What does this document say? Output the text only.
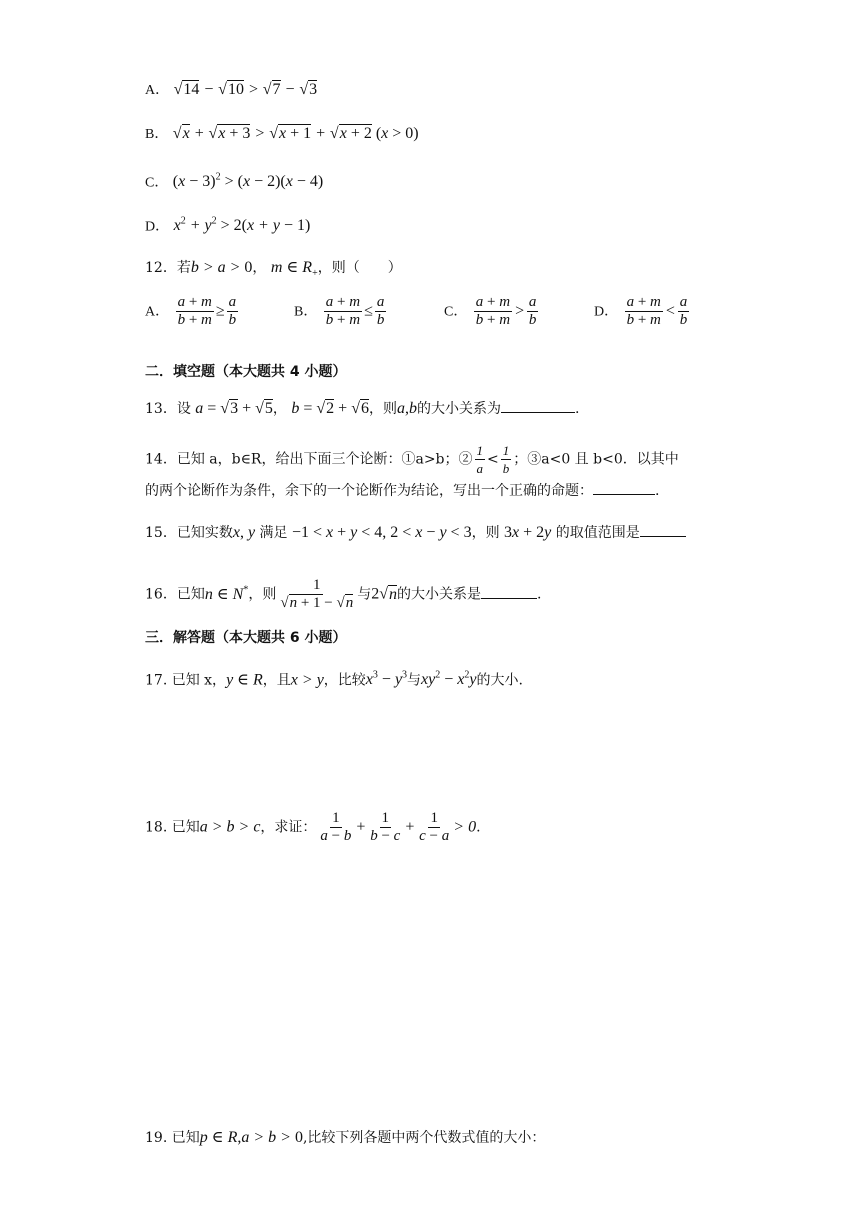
A． √14 − √10 > √7 − √3
B． √x + √x + 3 > √x + 1 + √x + 2 (x > 0)
C． $(x - 3)^2 > (x - 2)(x - 4)$
D． $x^2 + y^2 > 2(x + y - 1)$
12．若b > a > 0， m ∈ $R_+$，则（　　）
A． $\frac{a + m}{b + m} \ge \frac{a}{b}$	B． $\frac{a + m}{b + m} \le \frac{a}{b}$	C． $\frac{a + m}{b + m} > \frac{a}{b}$	D． $\frac{a + m}{b + m} < \frac{a}{b}$
二．填空题（本大题共 4 小题）
13．设 a = √3 + √5， b = √2 + √6，则a,b的大小关系为	.
14．已知 a，b∈R，给出下面三个论断：①a>b；② $\frac{1}{a} < \frac{1}{b}$ ；③a<0 且 b<0．以其中
的两个论断作为条件，余下的一个论断作为结论，写出一个正确的命题：	.
15．已知实数x, y 满足 −1 < x + y < 4, 2 < x − y < 3，则 3x + 2y 的取值范围是
16．已知n ∈ N*，则 $\frac{1}{√n + 1 - √n}$ 与2√n的大小关系是	.
三．解答题（本大题共 6 小题）
17. 已知 x，y ∈ R，且x > y，比较$x^3 - y^3$与$xy^2 - x^2y$的大小.
18. 已知a > b > c，求证： $\frac{1}{a - b} + \frac{1}{b - c} + \frac{1}{c - a} > 0$.
19. 已知p ∈ R,a > b > 0,比较下列各题中两个代数式值的大小：
